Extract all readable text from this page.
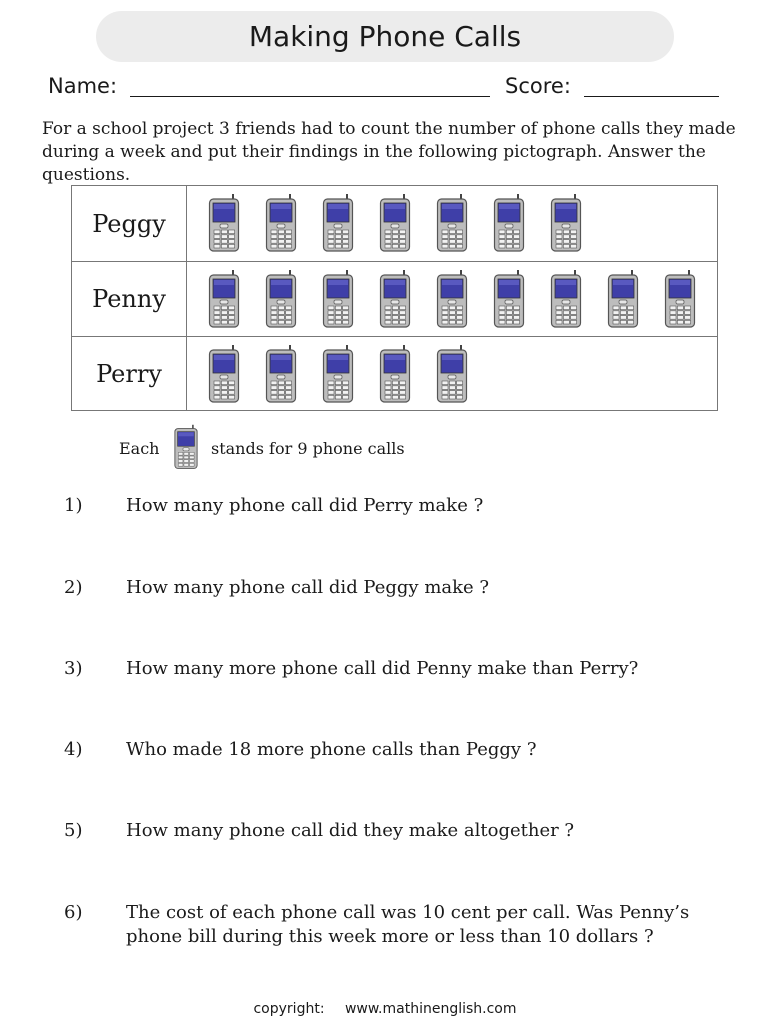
Making Phone Calls
Name:	Score:
For a school project 3 friends had to count the number of phone calls they made during a week and put their findings in the following pictograph. Answer the questions.
Peggy
Penny
Perry
Each	stands for 9 phone calls
1) How many phone call did Perry make ?
2) How many phone call did Peggy make ?
3) How many more phone call did Penny make than Perry?
4) Who made 18 more phone calls than Peggy ?
5) How many phone call did they make altogether ?
6) The cost of each phone call was 10 cent per call. Was Penny’s phone bill during this week more or less than 10 dollars ?
copyright: www.mathinenglish.com
